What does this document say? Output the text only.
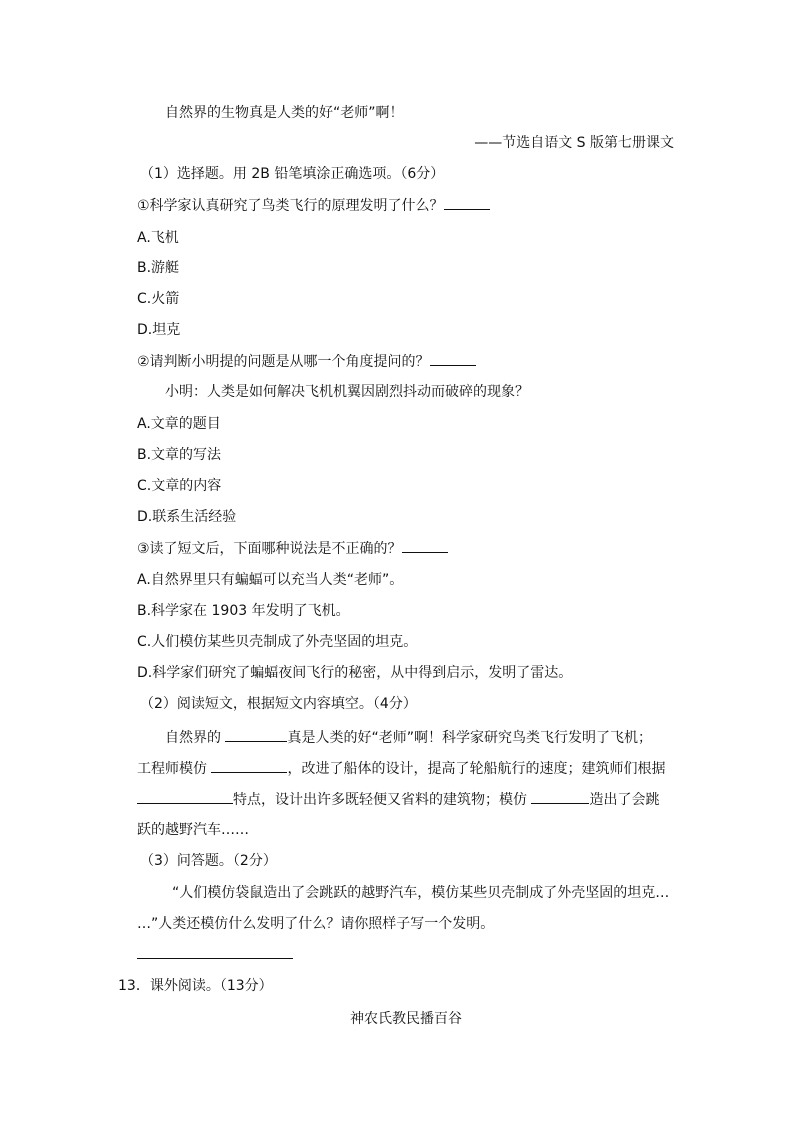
自然界的生物真是人类的好“老师”啊！
——节选自语文 S 版第七册课文
（1）选择题。用 2B 铅笔填涂正确选项。（6分）
①科学家认真研究了鸟类飞行的原理发明了什么？
A.飞机
B.游艇
C.火箭
D.坦克
②请判断小明提的问题是从哪一个角度提问的？
小明：人类是如何解决飞机机翼因剧烈抖动而破碎的现象？
A.文章的题目
B.文章的写法
C.文章的内容
D.联系生活经验
③读了短文后，下面哪种说法是不正确的？
A.自然界里只有蝙蝠可以充当人类“老师”。
B.科学家在 1903 年发明了飞机。
C.人们模仿某些贝壳制成了外壳坚固的坦克。
D.科学家们研究了蝙蝠夜间飞行的秘密，从中得到启示，发明了雷达。
（2）阅读短文，根据短文内容填空。（4分）
自然界的	真是人类的好“老师”啊！科学家研究鸟类飞行发明了飞机；
工程师模仿	，改进了船体的设计，提高了轮船航行的速度；建筑师们根据
特点，设计出许多既轻便又省料的建筑物；模仿	造出了会跳
跃的越野汽车……
（3）问答题。（2分）
“人们模仿袋鼠造出了会跳跃的越野汽车，模仿某些贝壳制成了外壳坚固的坦克…
…”人类还模仿什么发明了什么？请你照样子写一个发明。
13．课外阅读。（13分）
神农氏教民播百谷
